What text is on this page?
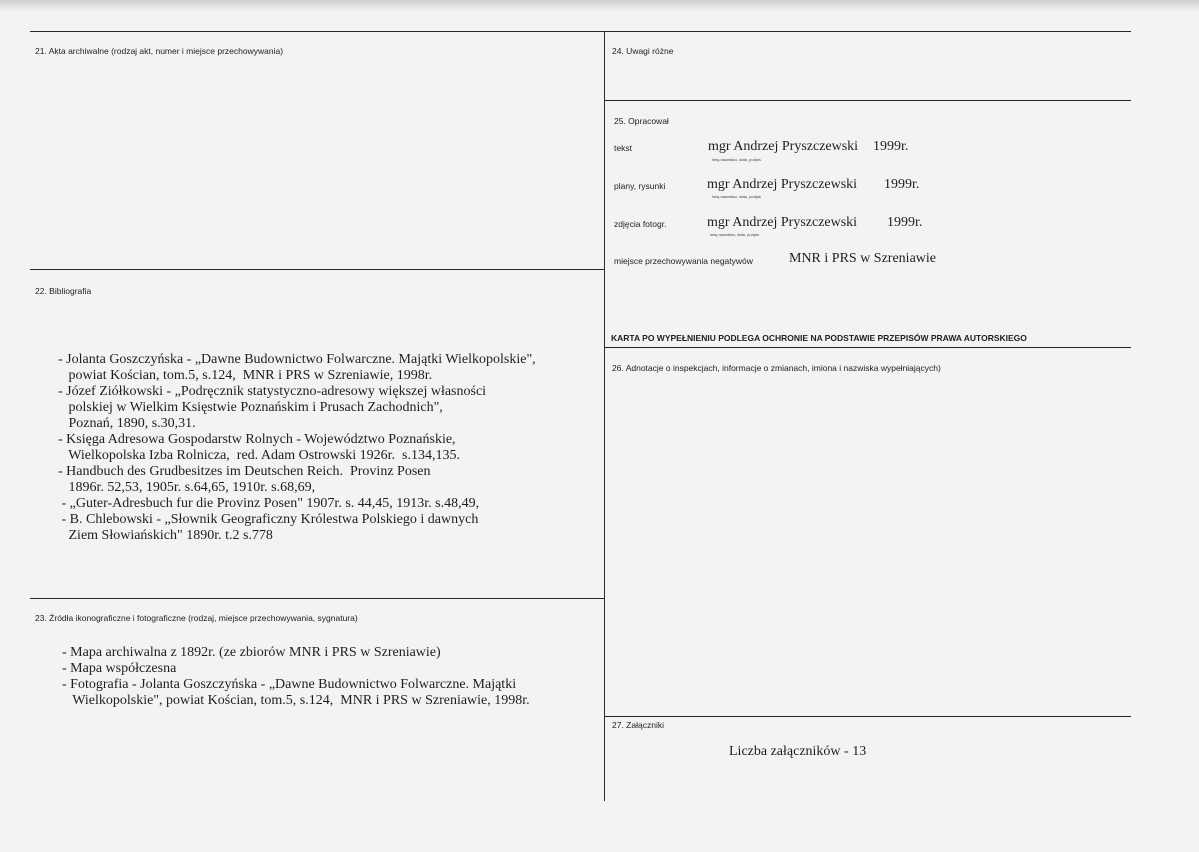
21. Akta archiwalne (rodzaj akt, numer i miejsce przechowywania)
22. Bibliografia
- Jolanta Goszczyńska - „Dawne Budownictwo Folwarczne. Majątki Wielkopolskie",
powiat Kościan, tom.5, s.124,  MNR i PRS w Szreniawie, 1998r.
- Józef Ziółkowski - „Podręcznik statystyczno-adresowy większej własności
polskiej w Wielkim Księstwie Poznańskim i Prusach Zachodnich",
Poznań, 1890, s.30,31.
- Księga Adresowa Gospodarstw Rolnych - Województwo Poznańskie,
Wielkopolska Izba Rolnicza,  red. Adam Ostrowski 1926r.  s.134,135.
- Handbuch des Grudbesitzes im Deutschen Reich.  Provinz Posen
1896r. 52,53, 1905r. s.64,65, 1910r. s.68,69,
- „Guter-Adresbuch fur die Provinz Posen" 1907r. s. 44,45, 1913r. s.48,49,
- B. Chlebowski - „Słownik Geograficzny Królestwa Polskiego i dawnych
Ziem Słowiańskich" 1890r. t.2 s.778
23. Źródła ikonograficzne i fotograficzne (rodzaj, miejsce przechowywania, sygnatura)
- Mapa archiwalna z 1892r. (ze zbiorów MNR i PRS w Szreniawie)
- Mapa współczesna
- Fotografia - Jolanta Goszczyńska - „Dawne Budownictwo Folwarczne. Majątki
Wielkopolskie", powiat Kościan, tom.5, s.124,  MNR i PRS w Szreniawie, 1998r.
24. Uwagi różne
25. Opracował
tekst	mgr Andrzej Pryszczewski 1999r.
imię,nazwisko, data, podpis
plany, rysunki	mgr Andrzej Pryszczewski 1999r.
imię,nazwisko, data, podpis
zdjęcia fotogr.	mgr Andrzej Pryszczewski 1999r.
imię,nazwisko, data, podpis
miejsce przechowywania negatywów	MNR i PRS w Szreniawie
KARTA PO WYPEŁNIENIU PODLEGA OCHRONIE NA PODSTAWIE PRZEPISÓW PRAWA AUTORSKIEGO
26. Adnotacje o inspekcjach, informacje o zmianach, imiona i nazwiska wypełniających)
27. Załączniki
Liczba załączników - 13
